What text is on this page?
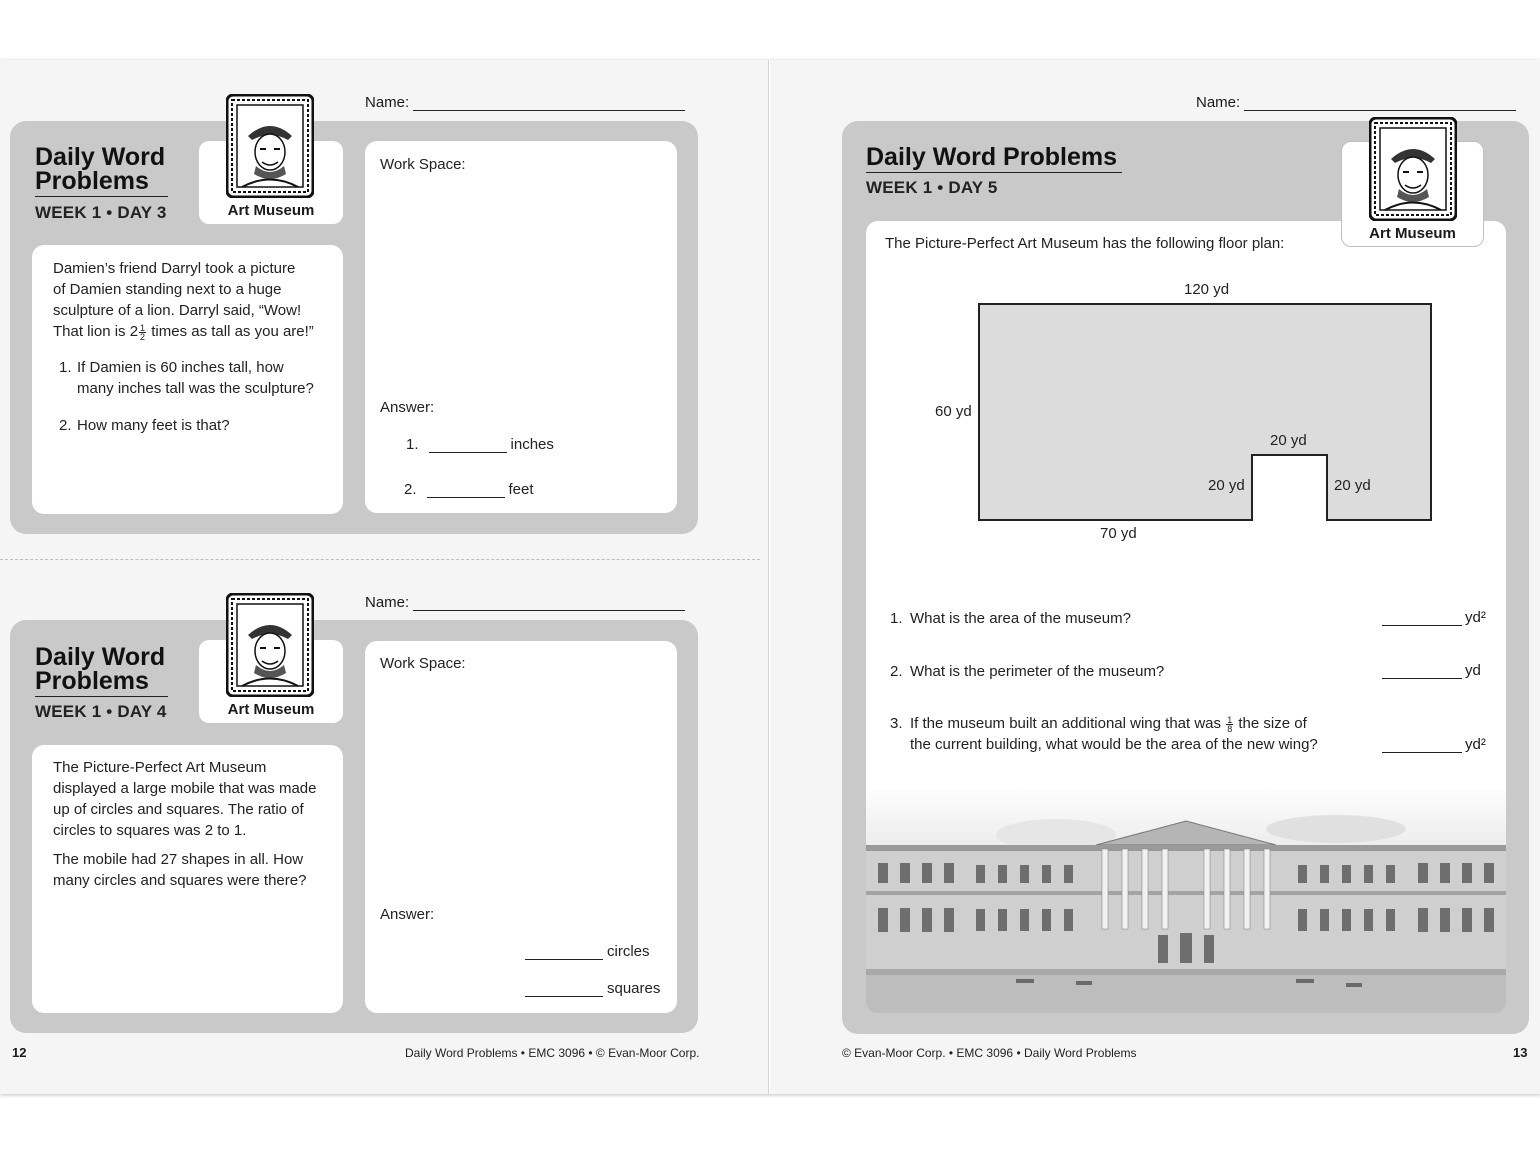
Name:
Daily Word
Problems
WEEK 1 • DAY 3	Art Museum
Damien’s friend Darryl took a picture
of Damien standing next to a huge
sculpture of a lion. Darryl said, “Wow!
That lion is $2 \frac{1}{2}$ times as tall as you are!”
1. If Damien is 60 inches tall, how many inches tall was the sculpture?
2. How many feet is that?
Work Space:
Answer:
1.	inches
2.	feet
Name:
Daily Word
Problems
WEEK 1 • DAY 4	Art Museum

The Picture-Perfect Art Museum displayed a large mobile that was made up of circles and squares. The ratio of circles to squares was 2 to 1.

The mobile had 27 shapes in all. How many circles and squares were there?

Work Space:
Answer:
circles
squares
12	Daily Word Problems • EMC 3096 • © Evan-Moor Corp.
Name:
Daily Word Problems
WEEK 1 • DAY 5
Art Museum
The Picture-Perfect Art Museum has the following floor plan:
120 yd
60 yd
20 yd
20 yd	20 yd
70 yd
1. What is the area of the museum?	yd²
2. What is the perimeter of the museum?	yd
3. If the museum built an additional wing that was $\frac{1}{8}$ the size of
the current building, what would be the area of the new wing?	yd²
© Evan-Moor Corp. • EMC 3096 • Daily Word Problems	13
